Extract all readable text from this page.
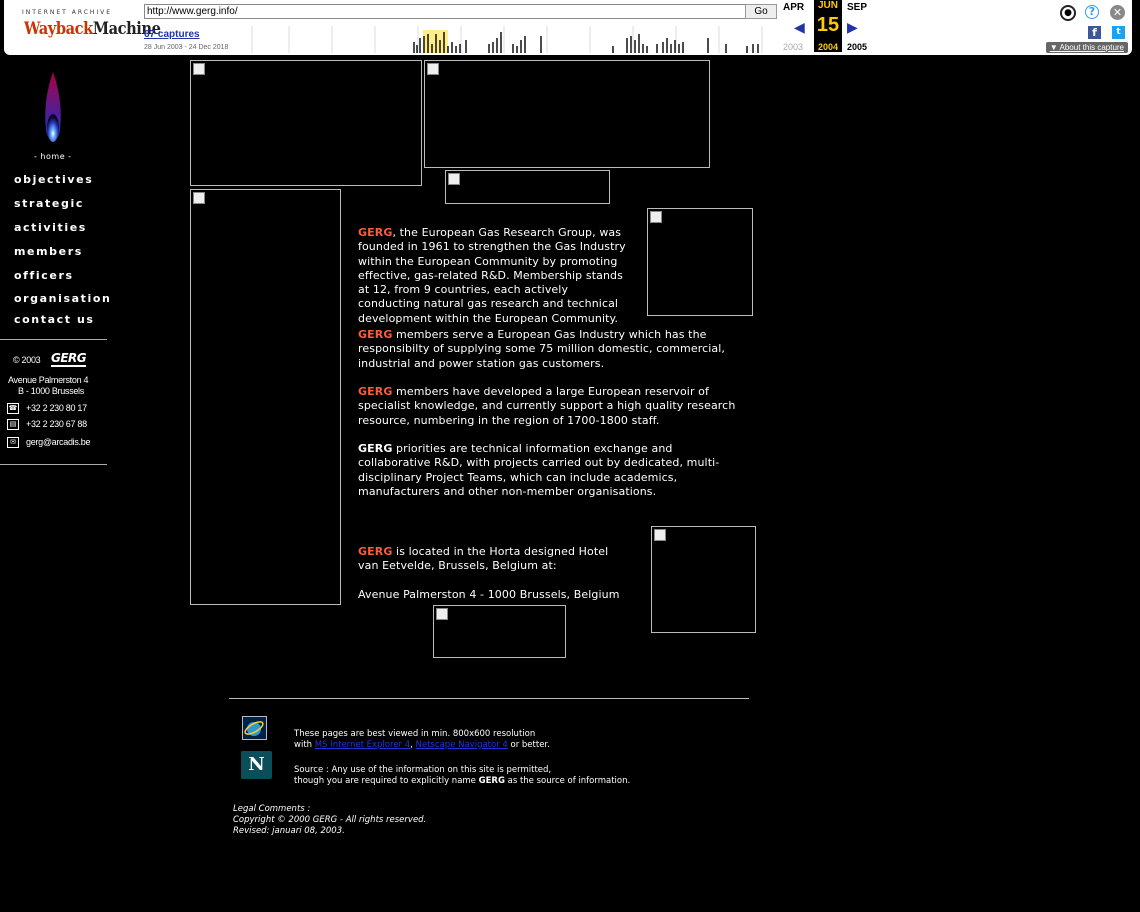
INTERNET ARCHIVE
WaybackMachine
http://www.gerg.info/	Go
67 captures
28 Jun 2003 - 24 Dec 2018
APR	JUN SEP
15
◀	▶
2003	2004 2005
●	?	✕
f	t
▼ About this capture
- home -
objectives
strategic
activities
members
officers
organisation
contact us
© 2003 GERG
Avenue Palmerston 4
B - 1000 Brussels
☎ +32 2 230 80 17
▤ +32 2 230 67 88
✉	gerg@arcadis.be
GERG, the European Gas Research Group, was
founded in 1961 to strengthen the Gas Industry
within the European Community by promoting
effective, gas-related R&D. Membership stands
at 12, from 9 countries, each actively
conducting natural gas research and technical
development within the European Community.
GERG members serve a European Gas Industry which has the
responsibilty of supplying some 75 million domestic, commercial,
industrial and power station gas customers.
GERG members have developed a large European reservoir of
specialist knowledge, and currently support a high quality research
resource, numbering in the region of 1700-1800 staff.
GERG priorities are technical information exchange and
collaborative R&D, with projects carried out by dedicated, multi-
disciplinary Project Teams, which can include academics,
manufacturers and other non-member organisations.
GERG is located in the Horta designed Hotel
van Eetvelde, Brussels, Belgium at:

Avenue Palmerston 4 - 1000 Brussels, Belgium
N
These pages are best viewed in min. 800x600 resolution
with MS Internet Explorer 4, Netscape Navigator 4 or better.
Source : Any use of the information on this site is permitted,
though you are required to explicitly name GERG as the source of information.
Legal Comments :
Copyright © 2000 GERG - All rights reserved.
Revised: januari 08, 2003.
